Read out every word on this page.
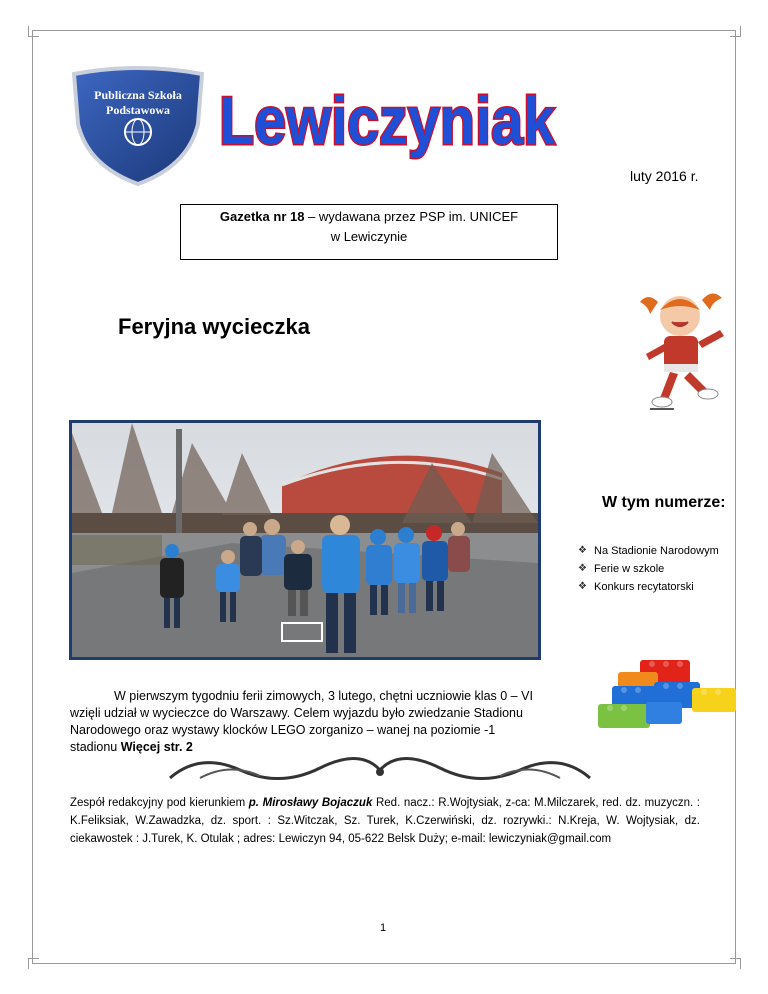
Publiczna Szkoła
Podstawowa Lewiczyniak
luty 2016 r.
Gazetka nr 18 – wydawana przez PSP im. UNICEF
w Lewiczynie
Feryjna wycieczka
W tym numerze:
❖ Na Stadionie Narodowym
❖ Ferie w szkole
❖ Konkurs recytatorski
W pierwszym tygodniu ferii zimowych, 3 lutego, chętni uczniowie klas 0 – VI wzięli udział w wycieczce do Warszawy. Celem wyjazdu było zwiedzanie Stadionu Narodowego oraz wystawy klocków LEGO zorganizo – wanej na poziomie -1 stadionu Więcej str. 2
Zespół redakcyjny pod kierunkiem p. Mirosławy Bojaczuk Red. nacz.: R.Wojtysiak, z-ca: M.Milczarek, red. dz. muzyczn. : K.Feliksiak, W.Zawadzka, dz. sport. : Sz.Witczak, Sz. Turek, K.Czerwiński, dz. rozrywki.: N.Kreja, W. Wojtysiak, dz. ciekawostek : J.Turek, K. Otulak ; adres: Lewiczyn 94, 05-622 Belsk Duży; e-mail: lewiczyniak@gmail.com
1
